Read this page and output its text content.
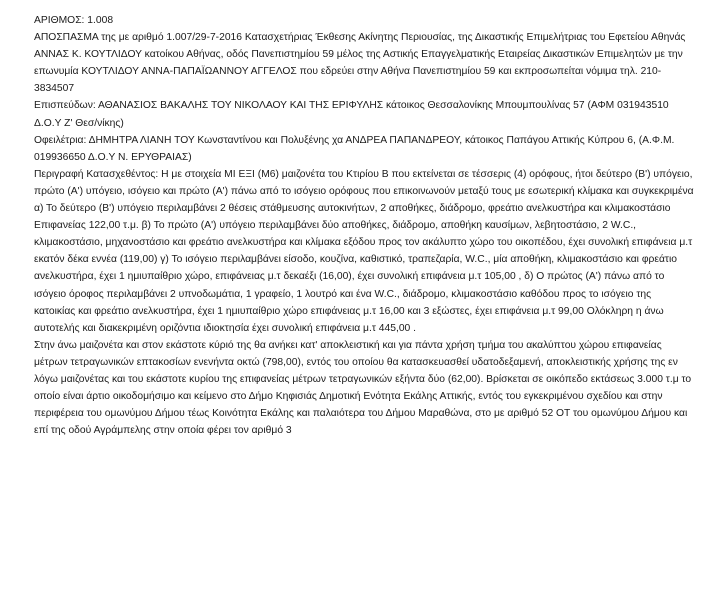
ΑΡΙΘΜΟΣ: 1.008

ΑΠΟΣΠΑΣΜΑ της με αριθμό 1.007/29-7-2016 Κατασχετήριας Έκθεσης Ακίνητης Περιουσίας, της Δικαστικής Επιμελήτριας του Εφετείου Αθηνάς ΑΝΝΑΣ Κ. ΚΟΥΤΛΙΔΟΥ κατοίκου Αθήνας, οδός Πανεπιστημίου 59 μέλος της Αστικής Επαγγελματικής Εταιρείας Δικαστικών Επιμελητών με την επωνυμία ΚΟΥΤΛΙΔΟΥ ΑΝΝΑ-ΠΑΠΑΪΩΑΝΝΟΥ ΑΓΓΕΛΟΣ που εδρεύει στην Αθήνα Πανεπιστημίου 59 και εκπροσωπείται νόμιμα τηλ. 210-3834507

Επισπεύδων: ΑΘΑΝΑΣΙΟΣ ΒΑΚΑΛΗΣ ΤΟΥ ΝΙΚΟΛΑΟΥ ΚΑΙ ΤΗΣ ΕΡΙΦΥΛΗΣ κάτοικος Θεσσαλονίκης Μπουμπουλίνας 57 (ΑΦΜ 031943510 Δ.Ο.Υ Ζ' Θεσ/νίκης)

Οφειλέτρια: ΔΗΜΗΤΡΑ ΛΙΑΝΗ ΤΟΥ Κωνσταντίνου και Πολυξένης χα ΑΝΔΡΕΑ ΠΑΠΑΝΔΡΕΟΥ, κάτοικος Παπάγου Αττικής Κύπρου 6, (Α.Φ.Μ. 019936650 Δ.Ο.Υ Ν. ΕΡΥΘΡΑΙΑΣ)

Περιγραφή Κατασχεθέντος: Η με στοιχεία ΜΙ ΕΞΙ (Μ6) μαιζονέτα του Κτιρίου Β που εκτείνεται σε τέσσερις (4) ορόφους, ήτοι δεύτερο (Β') υπόγειο, πρώτο (Α') υπόγειο, ισόγειο και πρώτο (Α') πάνω από το ισόγειο ορόφους που επικοινωνούν μεταξύ τους με εσωτερική κλίμακα και συγκεκριμένα

α) Το δεύτερο (Β') υπόγειο περιλαμβάνει 2 θέσεις στάθμευσης αυτοκινήτων, 2 αποθήκες, διάδρομο, φρεάτιο ανελκυστήρα και κλιμακοστάσιο Επιφανείας 122,00 τ.μ. β) Το πρώτο (Α') υπόγειο περιλαμβάνει δύο αποθήκες, διάδρομο, αποθήκη καυσίμων, λεβητοστάσιο, 2 W.C., κλιμακοστάσιο, μηχανοστάσιο και φρεάτιο ανελκυστήρα και κλίμακα εξόδου προς τον ακάλυπτο χώρο του οικοπέδου, έχει συνολική επιφάνεια μ.τ εκατόν δέκα εννέα (119,00) γ) Το ισόγειο περιλαμβάνει είσοδο, κουζίνα, καθιστικό, τραπεζαρία, W.C., μία αποθήκη, κλιμακοστάσιο και φρεάτιο ανελκυστήρα, έχει 1 ημιυπαίθριο χώρο, επιφάνειας μ.τ δεκαέξι (16,00), έχει συνολική επιφάνεια μ.τ 105,00 , δ) Ο πρώτος (Α') πάνω από το ισόγειο όροφος περιλαμβάνει 2 υπνοδωμάτια, 1 γραφείο, 1 λουτρό και ένα W.C., διάδρομο, κλιμακοστάσιο καθόδου προς το ισόγειο της κατοικίας και φρεάτιο ανελκυστήρα, έχει 1 ημιυπαίθριο χώρο επιφάνειας μ.τ 16,00 και 3 εξώστες, έχει επιφάνεια μ.τ 99,00 Ολόκληρη η άνω αυτοτελής και διακεκριμένη οριζόντια ιδιοκτησία έχει συνολική επιφάνεια μ.τ 445,00 .

Στην άνω μαιζονέτα και στον εκάστοτε κύριό της θα ανήκει κατ' αποκλειστική και για πάντα χρήση τμήμα του ακαλύπτου χώρου επιφανείας μέτρων τετραγωνικών επτακοσίων ενενήντα οκτώ (798,00), εντός του οποίου θα κατασκευασθεί υδατοδεξαμενή, αποκλειστικής χρήσης της εν λόγω μαιζονέτας και του εκάστοτε κυρίου της επιφανείας μέτρων τετραγωνικών εξήντα δύο (62,00). Βρίσκεται σε οικόπεδο εκτάσεως 3.000 τ.μ το οποίο είναι άρτιο οικοδομήσιμο και κείμενο στο Δήμο Κηφισιάς Δημοτική Ενότητα Εκάλης Αττικής, εντός του εγκεκριμένου σχεδίου και στην περιφέρεια του ομωνύμου Δήμου τέως Κοινότητα Εκάλης και παλαιότερα του Δήμου Μαραθώνα, στο με αριθμό 52 ΟΤ του ομωνύμου Δήμου και επί της οδού Αγράμπελης στην οποία φέρει τον αριθμό 3
